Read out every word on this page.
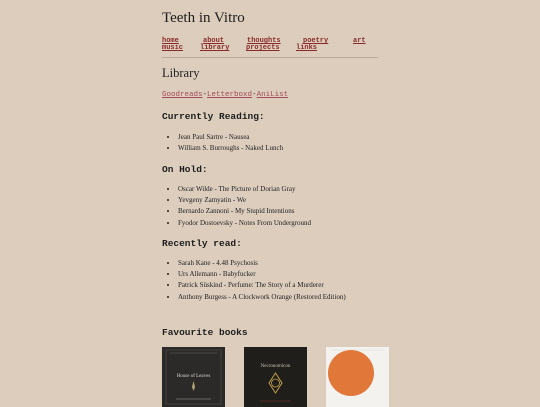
Teeth in Vitro
home	about	thoughts	poetry	art
music library projects links
Library
Goodreads-Letterboxd-AniList
Currently Reading:
• Jean Paul Sartre - Nausea
• William S. Burroughs - Naked Lunch
On Hold:
• Oscar Wilde - The Picture of Dorian Gray
• Yevgeny Zamyatin - We
• Bernardo Zannoni - My Stupid Intentions
• Fyodor Dostoevsky - Notes From Underground
Recently read:
• Sarah Kane - 4.48 Psychosis
• Urs Allemann - Babyfucker
• Patrick Süskind - Perfume: The Story of a Murderer
• Anthony Burgess - A Clockwork Orange (Restored Edition)
Favourite books
House of Leaves
Necronomicon
